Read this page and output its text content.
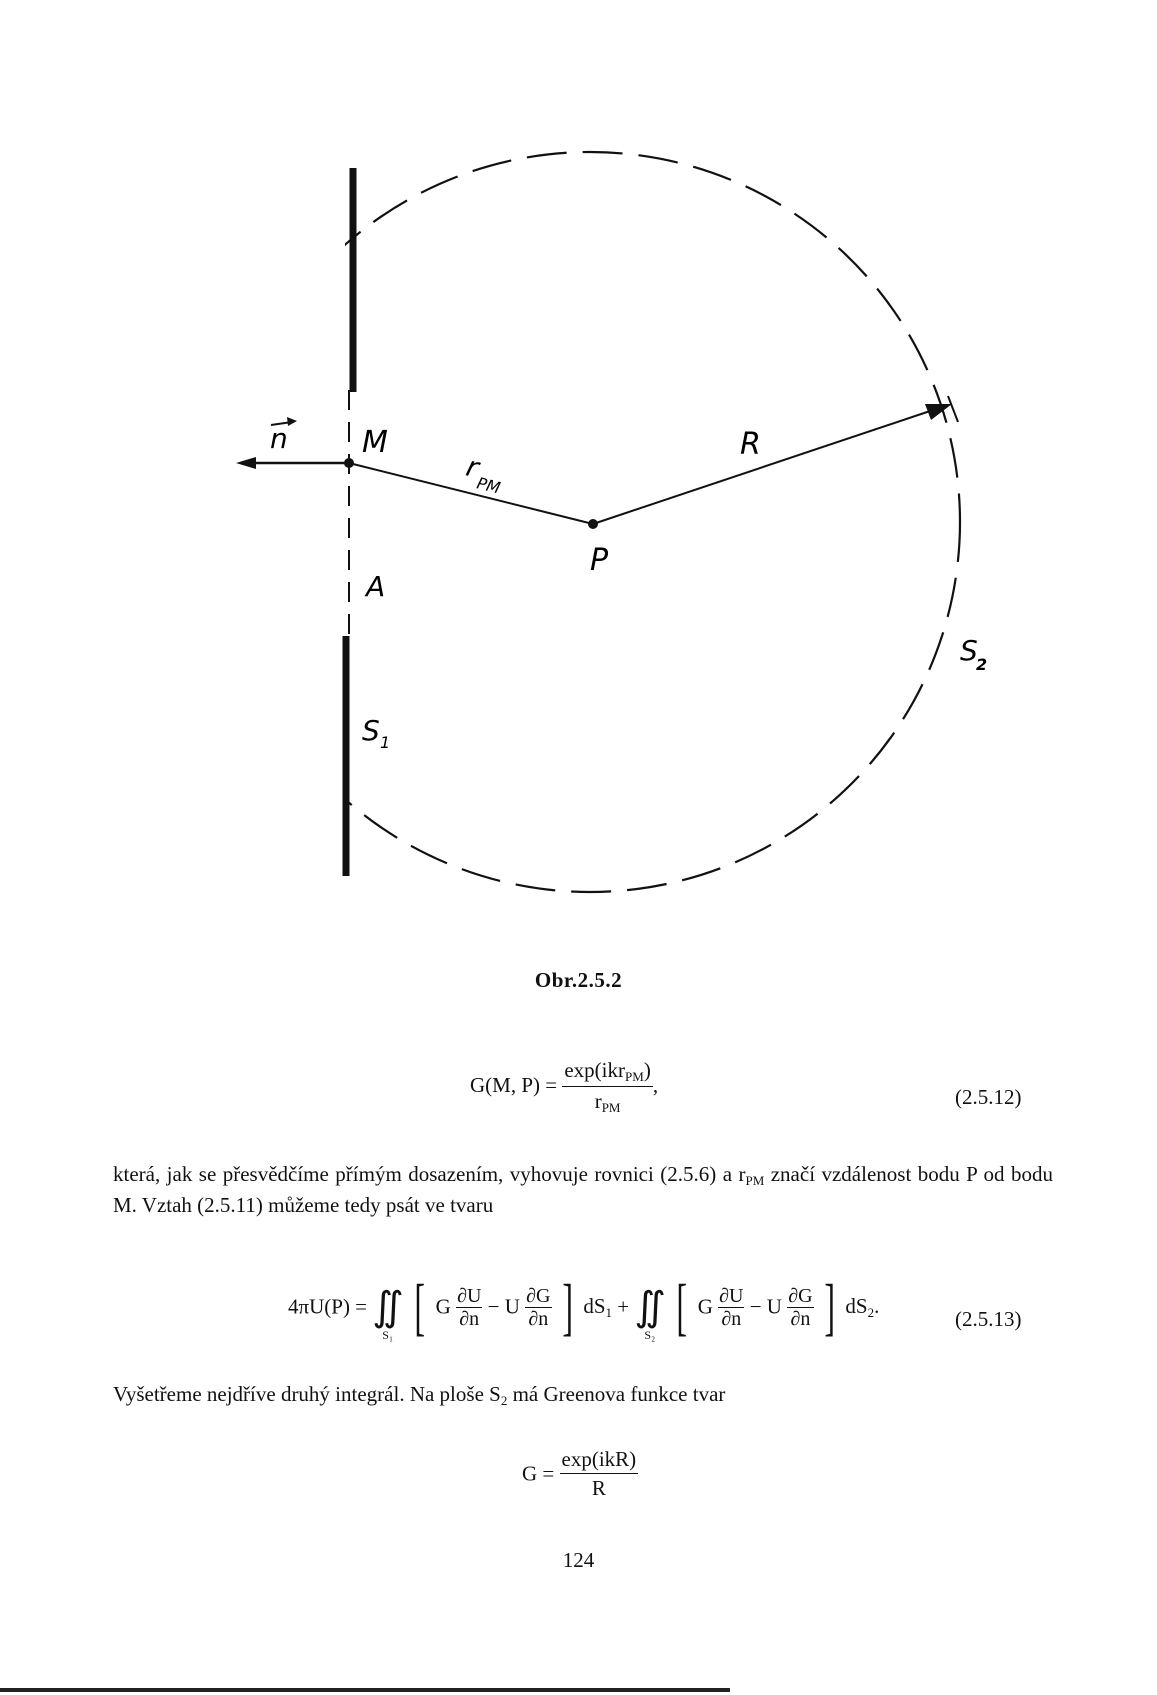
n M	R
r
PM
P
A
S 1
S
2
Obr.2.5.2
G(M, $P) = \frac{\exp(ikr_{PM})}{r_{PM}}$ ,
(2.5.12)
která, jak se přesvědčíme přímým dosazením, vyhovuje rovnici (2.5.6) a $r_{PM}$ značí vzdálenost bodu P od bodu M. Vztah (2.5.11) můžeme tedy psát ve tvaru
4πU(P) = ∬
S₁ [ G $\frac{\partial U}{\partial n} - U \frac{\partial G}{\partial n}$ ] $dS_1$ + ∬
S₂ [ G $\frac{\partial U}{\partial n} - U \frac{\partial G}{\partial n}$ ] $dS_2$.
(2.5.13)
Vyšetřeme nejdříve druhý integrál. Na ploše $S_2$ má Greenova funkce tvar
$G = \frac{\text{exp(ikR)}}{R}$
124
